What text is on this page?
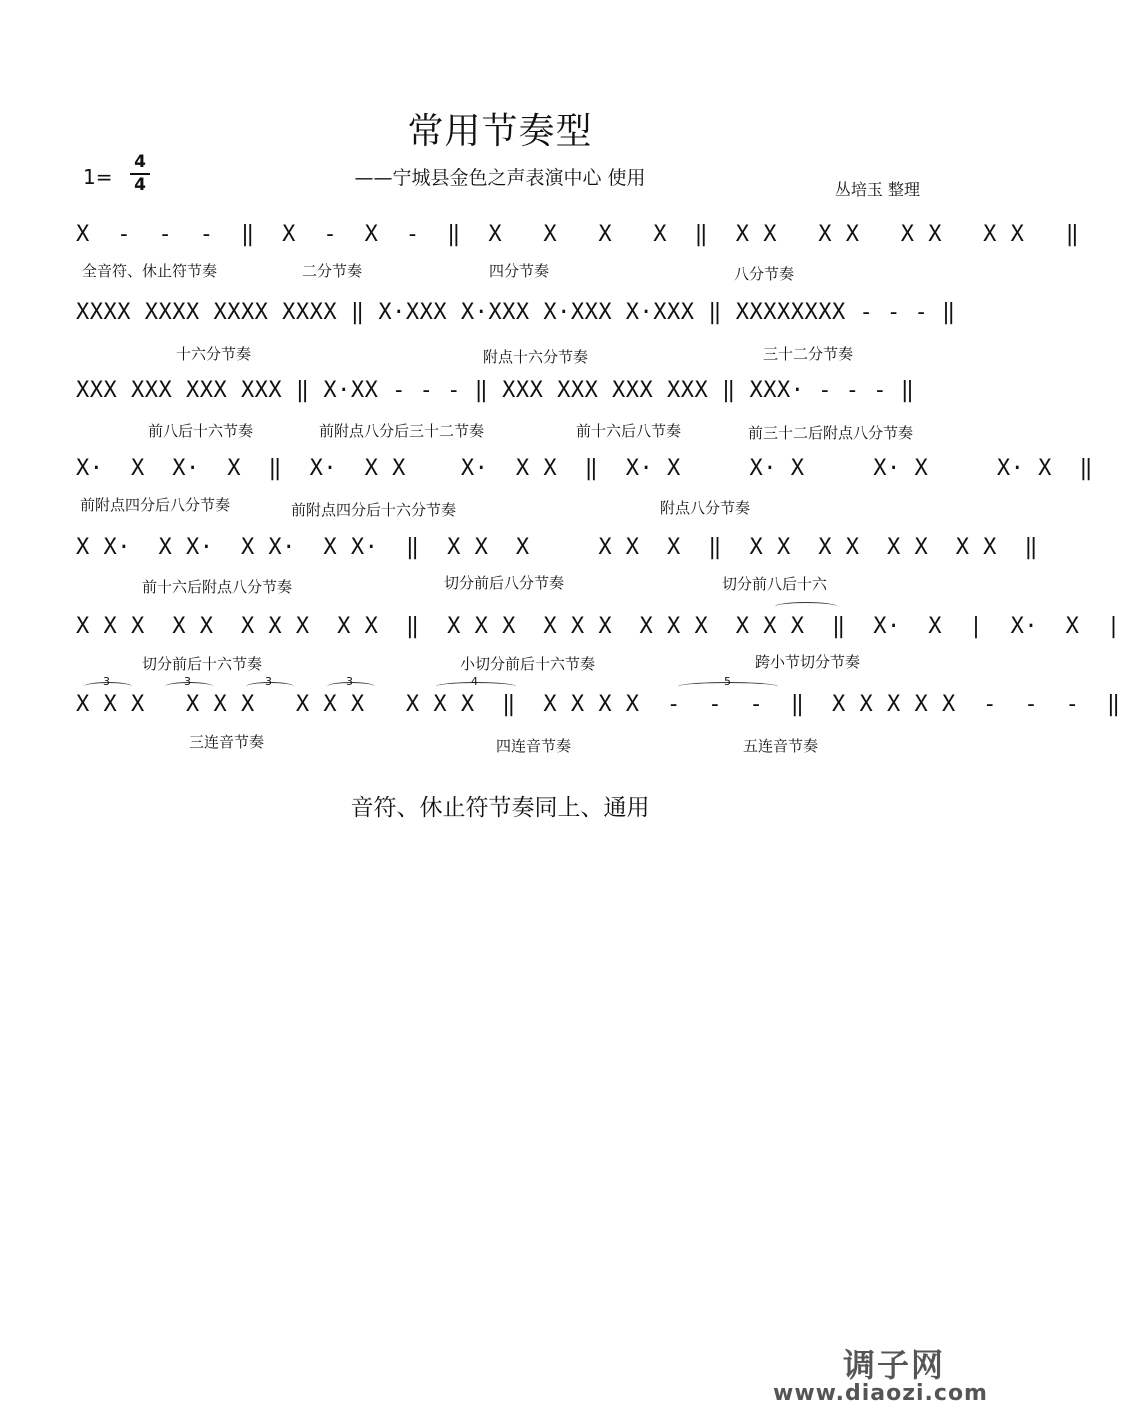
常用节奏型
1=
4
4	——宁城县金色之声表演中心 使用
丛培玉 整理
X  -  -  -  ‖  X  -  X  -  ‖  X   X   X   X  ‖  X X   X X   X X   X X   ‖
全音符、休止符节奏	二分节奏	四分节奏	八分节奏
XXXX XXXX XXXX XXXX ‖ X·XXX X·XXX X·XXX X·XXX ‖ XXXXXXXX - - - ‖
十六分节奏	附点十六分节奏	三十二分节奏
XXX XXX XXX XXX ‖ X·XX - - - ‖ XXX XXX XXX XXX ‖ XXX· - - - ‖
前八后十六节奏	前附点八分后三十二节奏	前十六后八节奏	前三十二后附点八分节奏
X·  X  X·  X  ‖  X·  X X    X·  X X  ‖  X· X     X· X     X· X     X· X  ‖
前附点四分后八分节奏	前附点四分后十六分节奏	附点八分节奏
X X·  X X·  X X·  X X·  ‖  X X  X     X X  X  ‖  X X  X X  X X  X X  ‖
前十六后附点八分节奏	切分前后八分节奏	切分前八后十六
X X X  X X  X X X  X X  ‖  X X X  X X X  X X X  X X X  ‖  X·  X  |  X·  X  |
切分前后十六节奏	小切分前后十六节奏	跨小节切分节奏
3	3	3	3	4	5
X X X   X X X   X X X   X X X  ‖  X X X X  -  -  -  ‖  X X X X X  -  -  -  ‖
三连音节奏	四连音节奏	五连音节奏
音符、休止符节奏同上、通用
调子网
www.diaozi.com
